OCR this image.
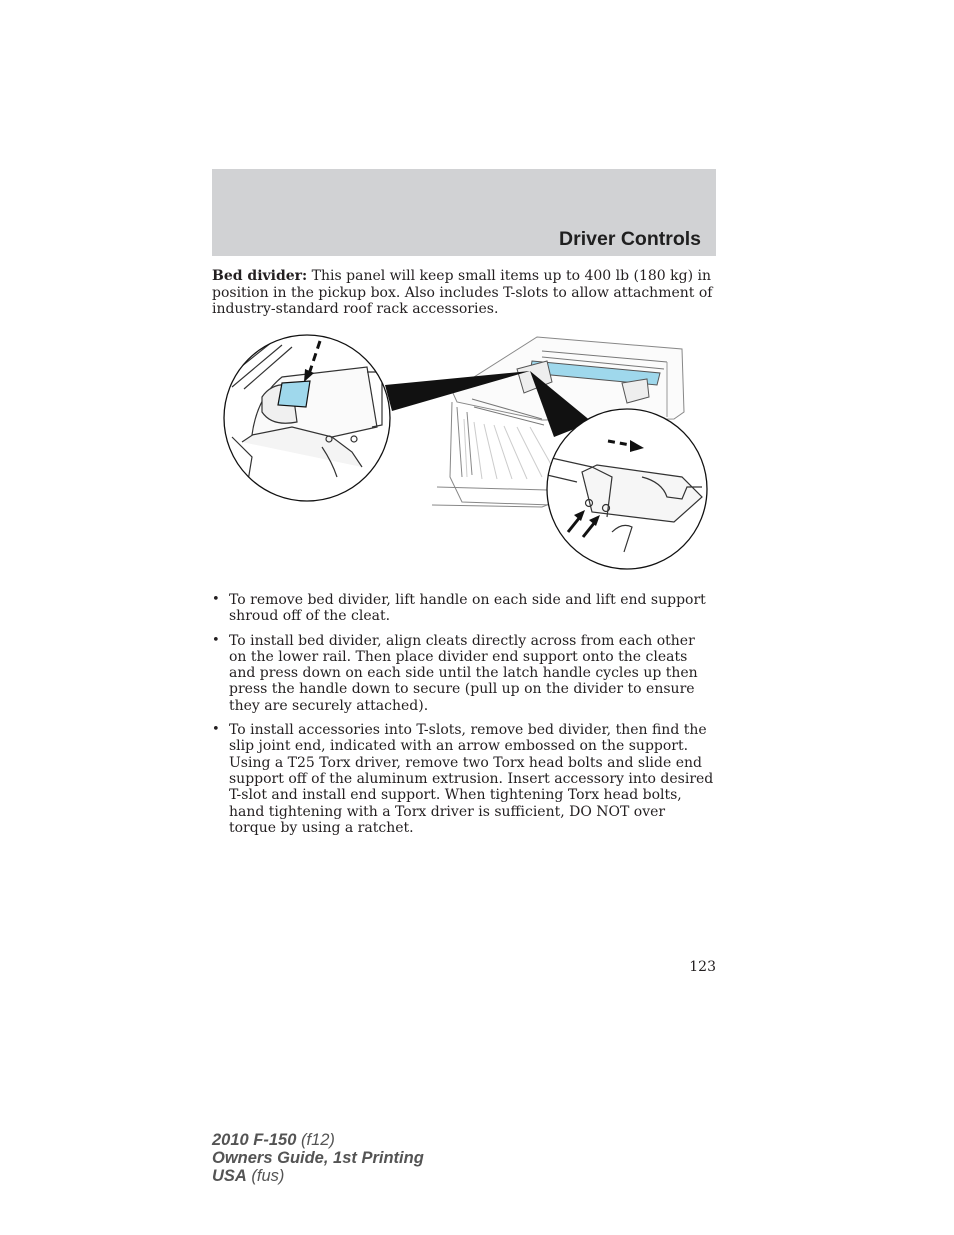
Driver Controls

Bed divider: This panel will keep small items up to 400 lb (180 kg) in position in the pickup box. Also includes T-slots to allow attachment of industry-standard roof rack accessories.

• To remove bed divider, lift handle on each side and lift end support shroud off of the cleat.
• To install bed divider, align cleats directly across from each other on the lower rail. Then place divider end support onto the cleats and press down on each side until the latch handle cycles up then press the handle down to secure (pull up on the divider to ensure they are securely attached).
• To install accessories into T-slots, remove bed divider, then find the slip joint end, indicated with an arrow embossed on the support. Using a T25 Torx driver, remove two Torx head bolts and slide end support off of the aluminum extrusion. Insert accessory into desired T-slot and install end support. When tightening Torx head bolts, hand tightening with a Torx driver is sufficient, DO NOT over torque by using a ratchet.
123
2010 F-150 (f12)
Owners Guide, 1st Printing
USA (fus)
